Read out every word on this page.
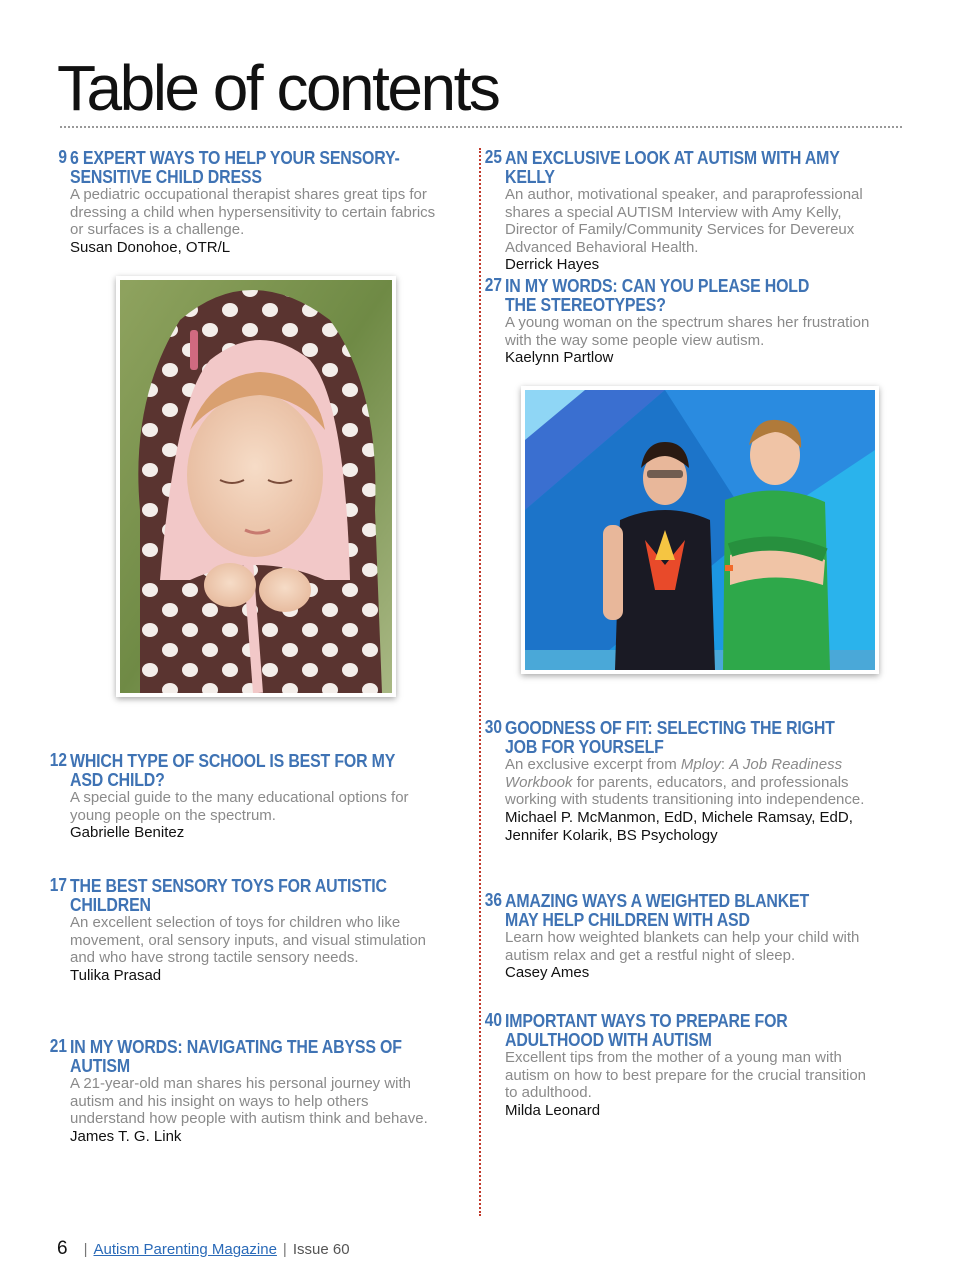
Table of contents
9 6 EXPERT WAYS TO HELP YOUR SENSORY-SENSITIVE CHILD DRESS
A pediatric occupational therapist shares great tips for dressing a child when hypersensitivity to certain fabrics or surfaces is a challenge.
Susan Donohoe, OTR/L
12 WHICH TYPE OF SCHOOL IS BEST FOR MY ASD CHILD?
A special guide to the many educational options for young people on the spectrum.
Gabrielle Benitez
17 THE BEST SENSORY TOYS FOR AUTISTIC CHILDREN
An excellent selection of toys for children who like movement, oral sensory inputs, and visual stimulation and who have strong tactile sensory needs.
Tulika Prasad
21 IN MY WORDS: NAVIGATING THE ABYSS OF AUTISM
A 21-year-old man shares his personal journey with autism and his insight on ways to help others understand how people with autism think and behave.
James T. G. Link
25 AN EXCLUSIVE LOOK AT AUTISM WITH AMY KELLY
An author, motivational speaker, and paraprofessional shares a special AUTISM Interview with Amy Kelly, Director of Family/Community Services for Devereux Advanced Behavioral Health.
Derrick Hayes
27 IN MY WORDS: CAN YOU PLEASE HOLD THE STEREOTYPES?
A young woman on the spectrum shares her frustration with the way some people view autism.
Kaelynn Partlow
30 GOODNESS OF FIT: SELECTING THE RIGHT JOB FOR YOURSELF
An exclusive excerpt from Mploy: A Job Readiness Workbook for parents, educators, and professionals working with students transitioning into independence.
Michael P. McManmon, EdD, Michele Ramsay, EdD, Jennifer Kolarik, BS Psychology
36 AMAZING WAYS A WEIGHTED BLANKET MAY HELP CHILDREN WITH ASD
Learn how weighted blankets can help your child with autism relax and get a restful night of sleep.
Casey Ames
40 IMPORTANT WAYS TO PREPARE FOR ADULTHOOD WITH AUTISM
Excellent tips from the mother of a young man with autism on how to best prepare for the crucial transition to adulthood.
Milda Leonard
6 | Autism Parenting Magazine | Issue 60
